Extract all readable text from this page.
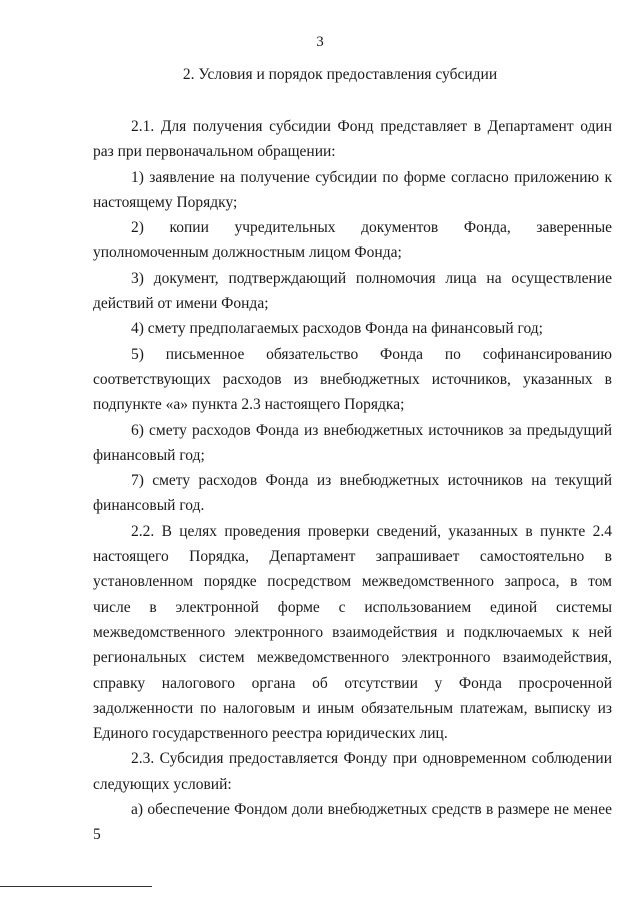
3
2. Условия и порядок предоставления субсидии

2.1. Для получения субсидии Фонд представляет в Департамент один раз при первоначальном обращении:

1) заявление на получение субсидии по форме согласно приложению к настоящему Порядку;

2) копии учредительных документов Фонда, заверенные уполномоченным должностным лицом Фонда;

3) документ, подтверждающий полномочия лица на осуществление действий от имени Фонда;

4) смету предполагаемых расходов Фонда на финансовый год;

5) письменное обязательство Фонда по софинансированию соответствующих расходов из внебюджетных источников, указанных в подпункте «а» пункта 2.3 настоящего Порядка;

6) смету расходов Фонда из внебюджетных источников за предыдущий финансовый год;

7) смету расходов Фонда из внебюджетных источников на текущий финансовый год.

2.2. В целях проведения проверки сведений, указанных в пункте 2.4 настоящего Порядка, Департамент запрашивает самостоятельно в установленном порядке посредством межведомственного запроса, в том числе в электронной форме с использованием единой системы межведомственного электронного взаимодействия и подключаемых к ней региональных систем межведомственного электронного взаимодействия, справку налогового органа об отсутствии у Фонда просроченной задолженности по налоговым и иным обязательным платежам, выписку из Единого государственного реестра юридических лиц.

2.3. Субсидия предоставляется Фонду при одновременном соблюдении следующих условий:

а) обеспечение Фондом доли внебюджетных средств в размере не менее 5
